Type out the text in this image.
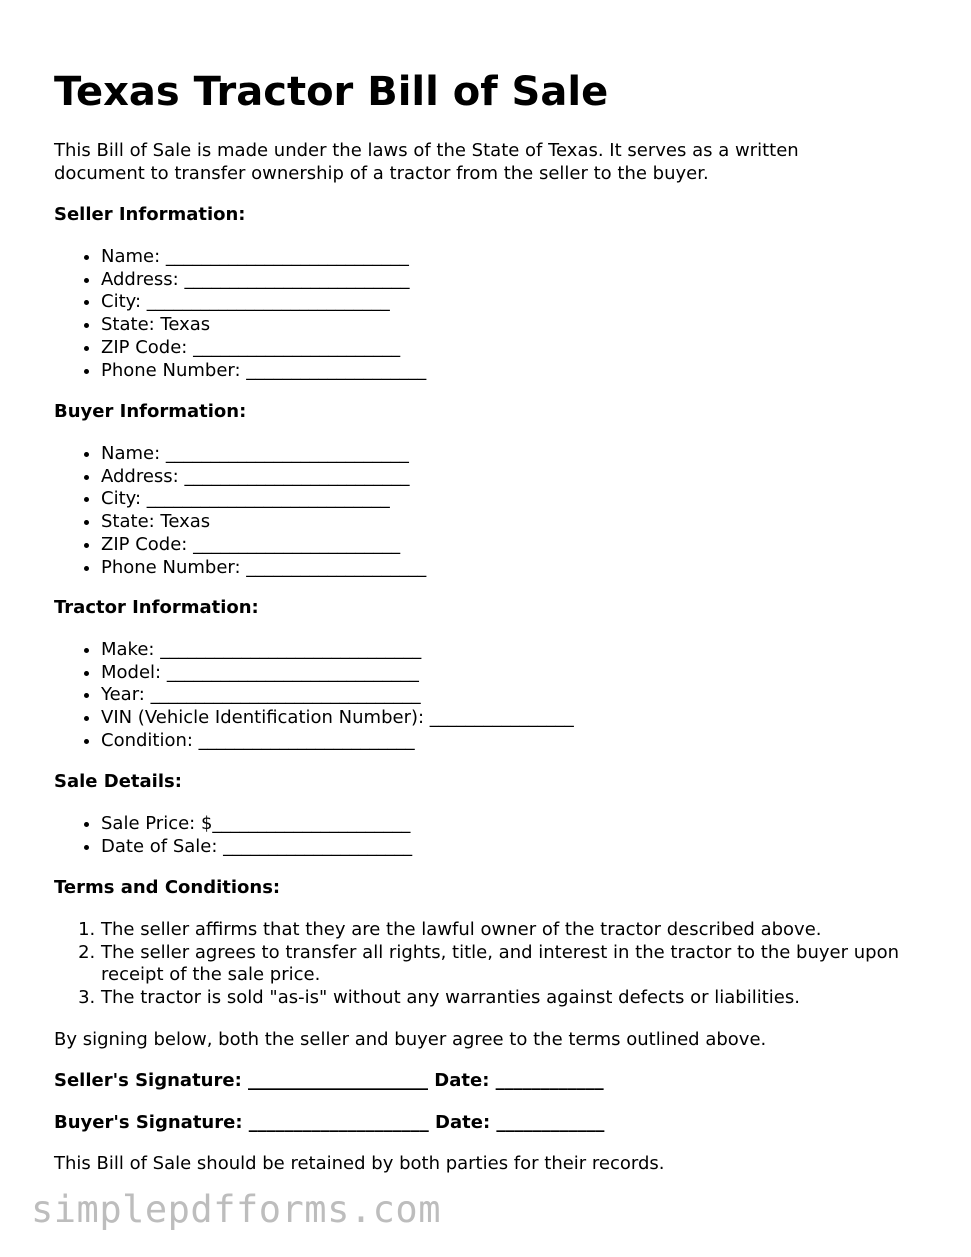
Texas Tractor Bill of Sale

This Bill of Sale is made under the laws of the State of Texas. It serves as a written document to transfer ownership of a tractor from the seller to the buyer.

Seller Information:

• Name: ___________________________
• Address: _________________________
• City: ___________________________
• State: Texas
• ZIP Code: _______________________
• Phone Number: ____________________

Buyer Information:

• Name: ___________________________
• Address: _________________________
• City: ___________________________
• State: Texas
• ZIP Code: _______________________
• Phone Number: ____________________

Tractor Information:

• Make: _____________________________
• Model: ____________________________
• Year: ______________________________
• VIN (Vehicle Identification Number): ________________
• Condition: ________________________

Sale Details:

• Sale Price: $______________________
• Date of Sale: _____________________

Terms and Conditions:

1. The seller affirms that they are the lawful owner of the tractor described above.
2. The seller agrees to transfer all rights, title, and interest in the tractor to the buyer upon receipt of the sale price.
3. The tractor is sold "as-is" without any warranties against defects or liabilities.

By signing below, both the seller and buyer agree to the terms outlined above.

Seller's Signature: ____________________ Date: ____________

Buyer's Signature: ____________________ Date: ____________

This Bill of Sale should be retained by both parties for their records.

simplepdfforms.com
